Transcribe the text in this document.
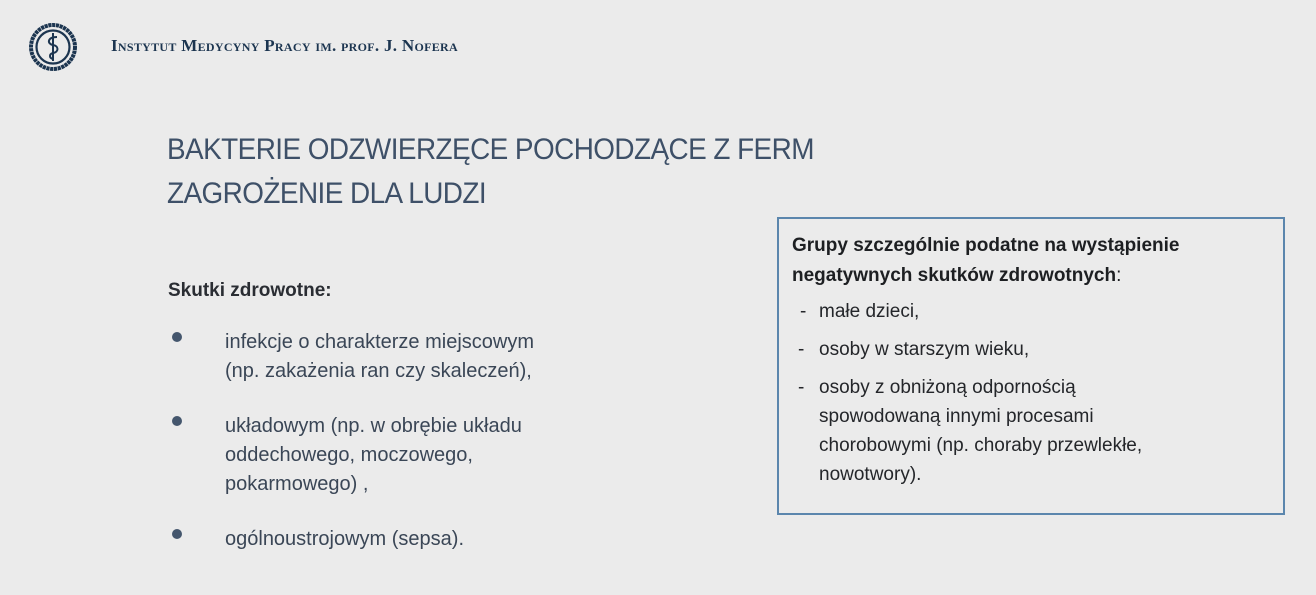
Instytut Medycyny Pracy im. prof. J. Nofera
BAKTERIE ODZWIERZĘCE POCHODZĄCE Z FERM
ZAGROŻENIE DLA LUDZI
Skutki zdrowotne:
infekcje o charakterze miejscowym
(np. zakażenia ran czy skaleczeń),
układowym (np. w obrębie układu
oddechowego, moczowego,
pokarmowego) ,
ogólnoustrojowym (sepsa).
Grupy szczególnie podatne na wystąpienie
negatywnych skutków zdrowotnych:
- małe dzieci,
- osoby w starszym wieku,
- osoby z obniżoną odpornością
spowodowaną innymi procesami
chorobowymi (np. choraby przewlekłe,
nowotwory).
